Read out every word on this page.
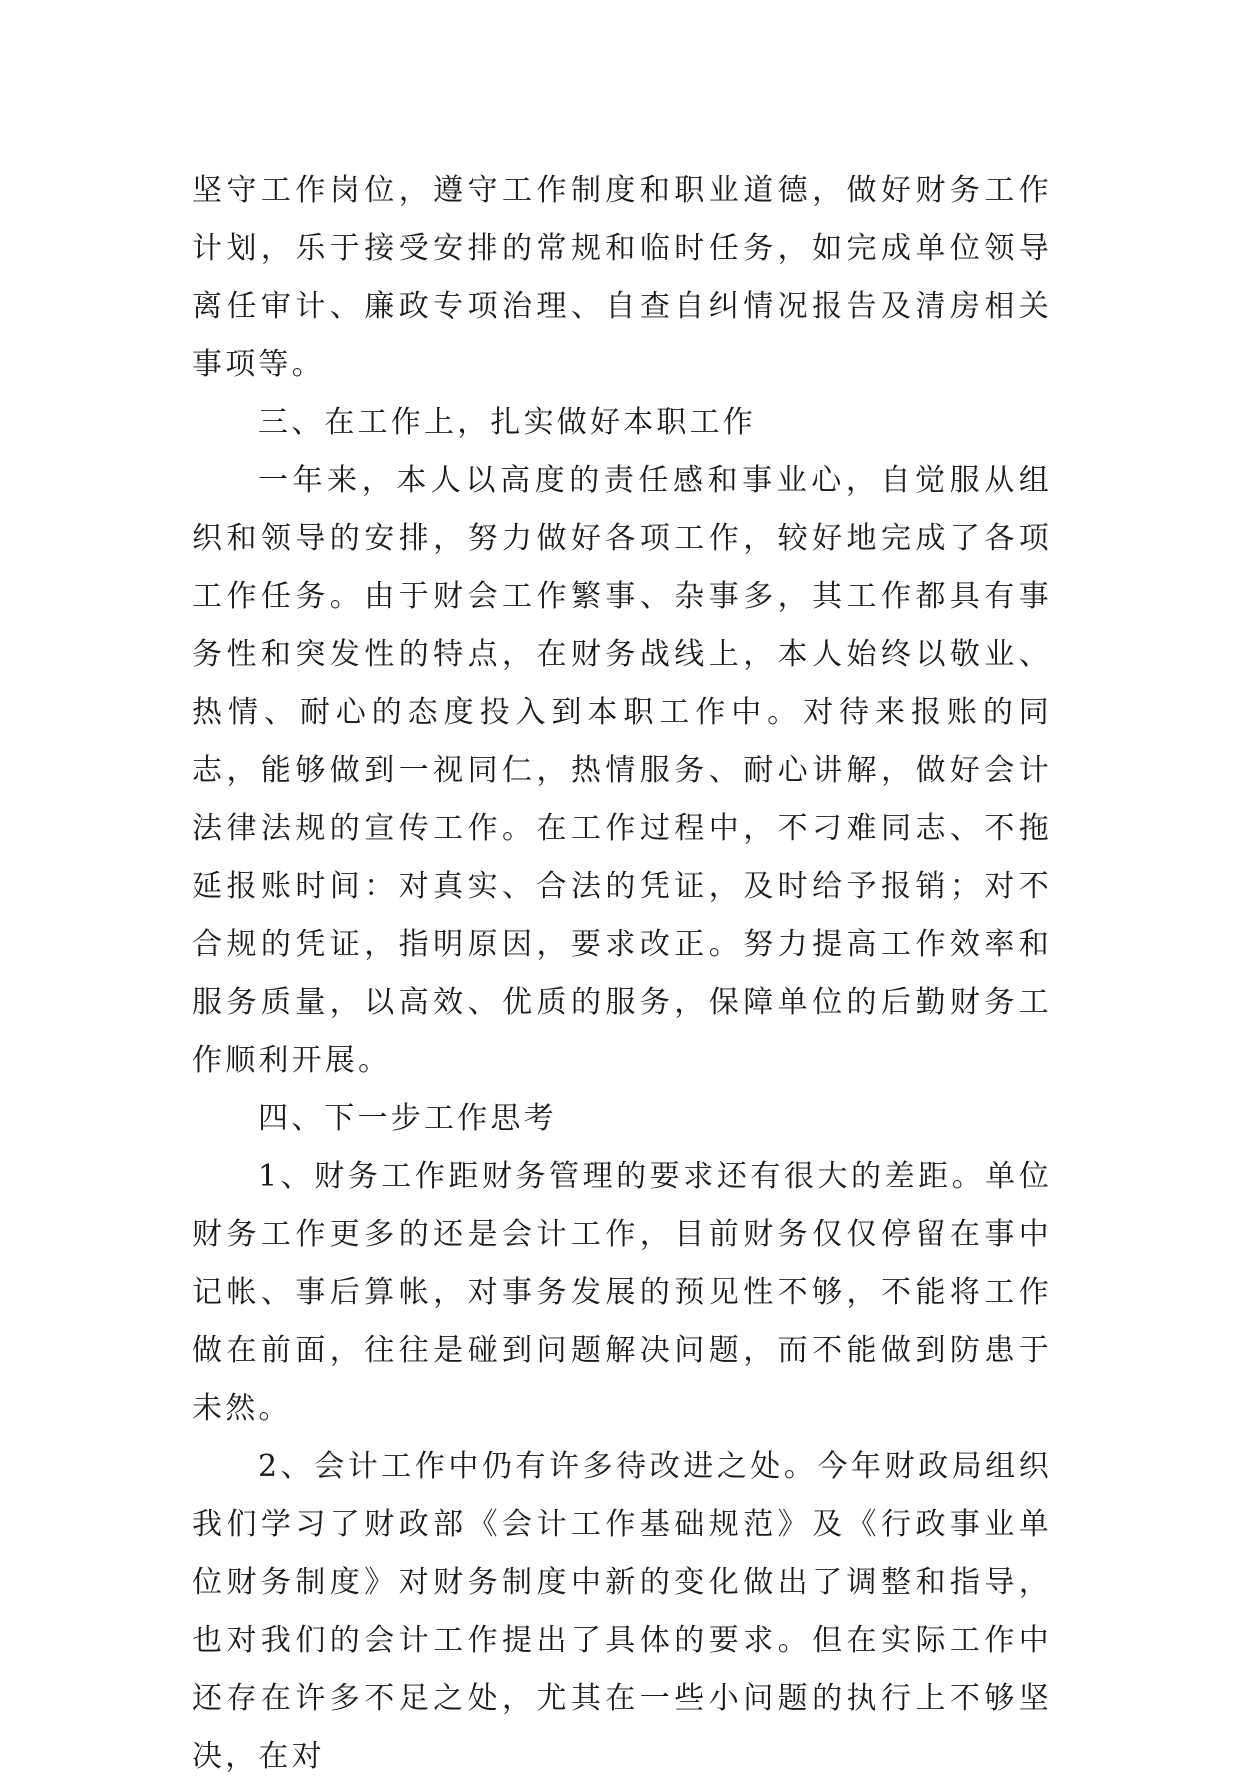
坚守工作岗位，遵守工作制度和职业道德，做好财务工作计划，乐于接受安排的常规和临时任务，如完成单位领导离任审计、廉政专项治理、自查自纠情况报告及清房相关事项等。

三、在工作上，扎实做好本职工作

一年来，本人以高度的责任感和事业心，自觉服从组织和领导的安排，努力做好各项工作，较好地完成了各项工作任务。由于财会工作繁事、杂事多，其工作都具有事务性和突发性的特点，在财务战线上，本人始终以敬业、热情、耐心的态度投入到本职工作中。对待来报账的同志，能够做到一视同仁，热情服务、耐心讲解，做好会计法律法规的宣传工作。在工作过程中，不刁难同志、不拖延报账时间：对真实、合法的凭证，及时给予报销；对不合规的凭证，指明原因，要求改正。努力提高工作效率和服务质量，以高效、优质的服务，保障单位的后勤财务工作顺利开展。

四、下一步工作思考

1、财务工作距财务管理的要求还有很大的差距。单位财务工作更多的还是会计工作，目前财务仅仅停留在事中记帐、事后算帐，对事务发展的预见性不够，不能将工作做在前面，往往是碰到问题解决问题，而不能做到防患于未然。

2、会计工作中仍有许多待改进之处。今年财政局组织我们学习了财政部《会计工作基础规范》及《行政事业单位财务制度》对财务制度中新的变化做出了调整和指导，也对我们的会计工作提出了具体的要求。但在实际工作中还存在许多不足之处，尤其在一些小问题的执行上不够坚决，在对
